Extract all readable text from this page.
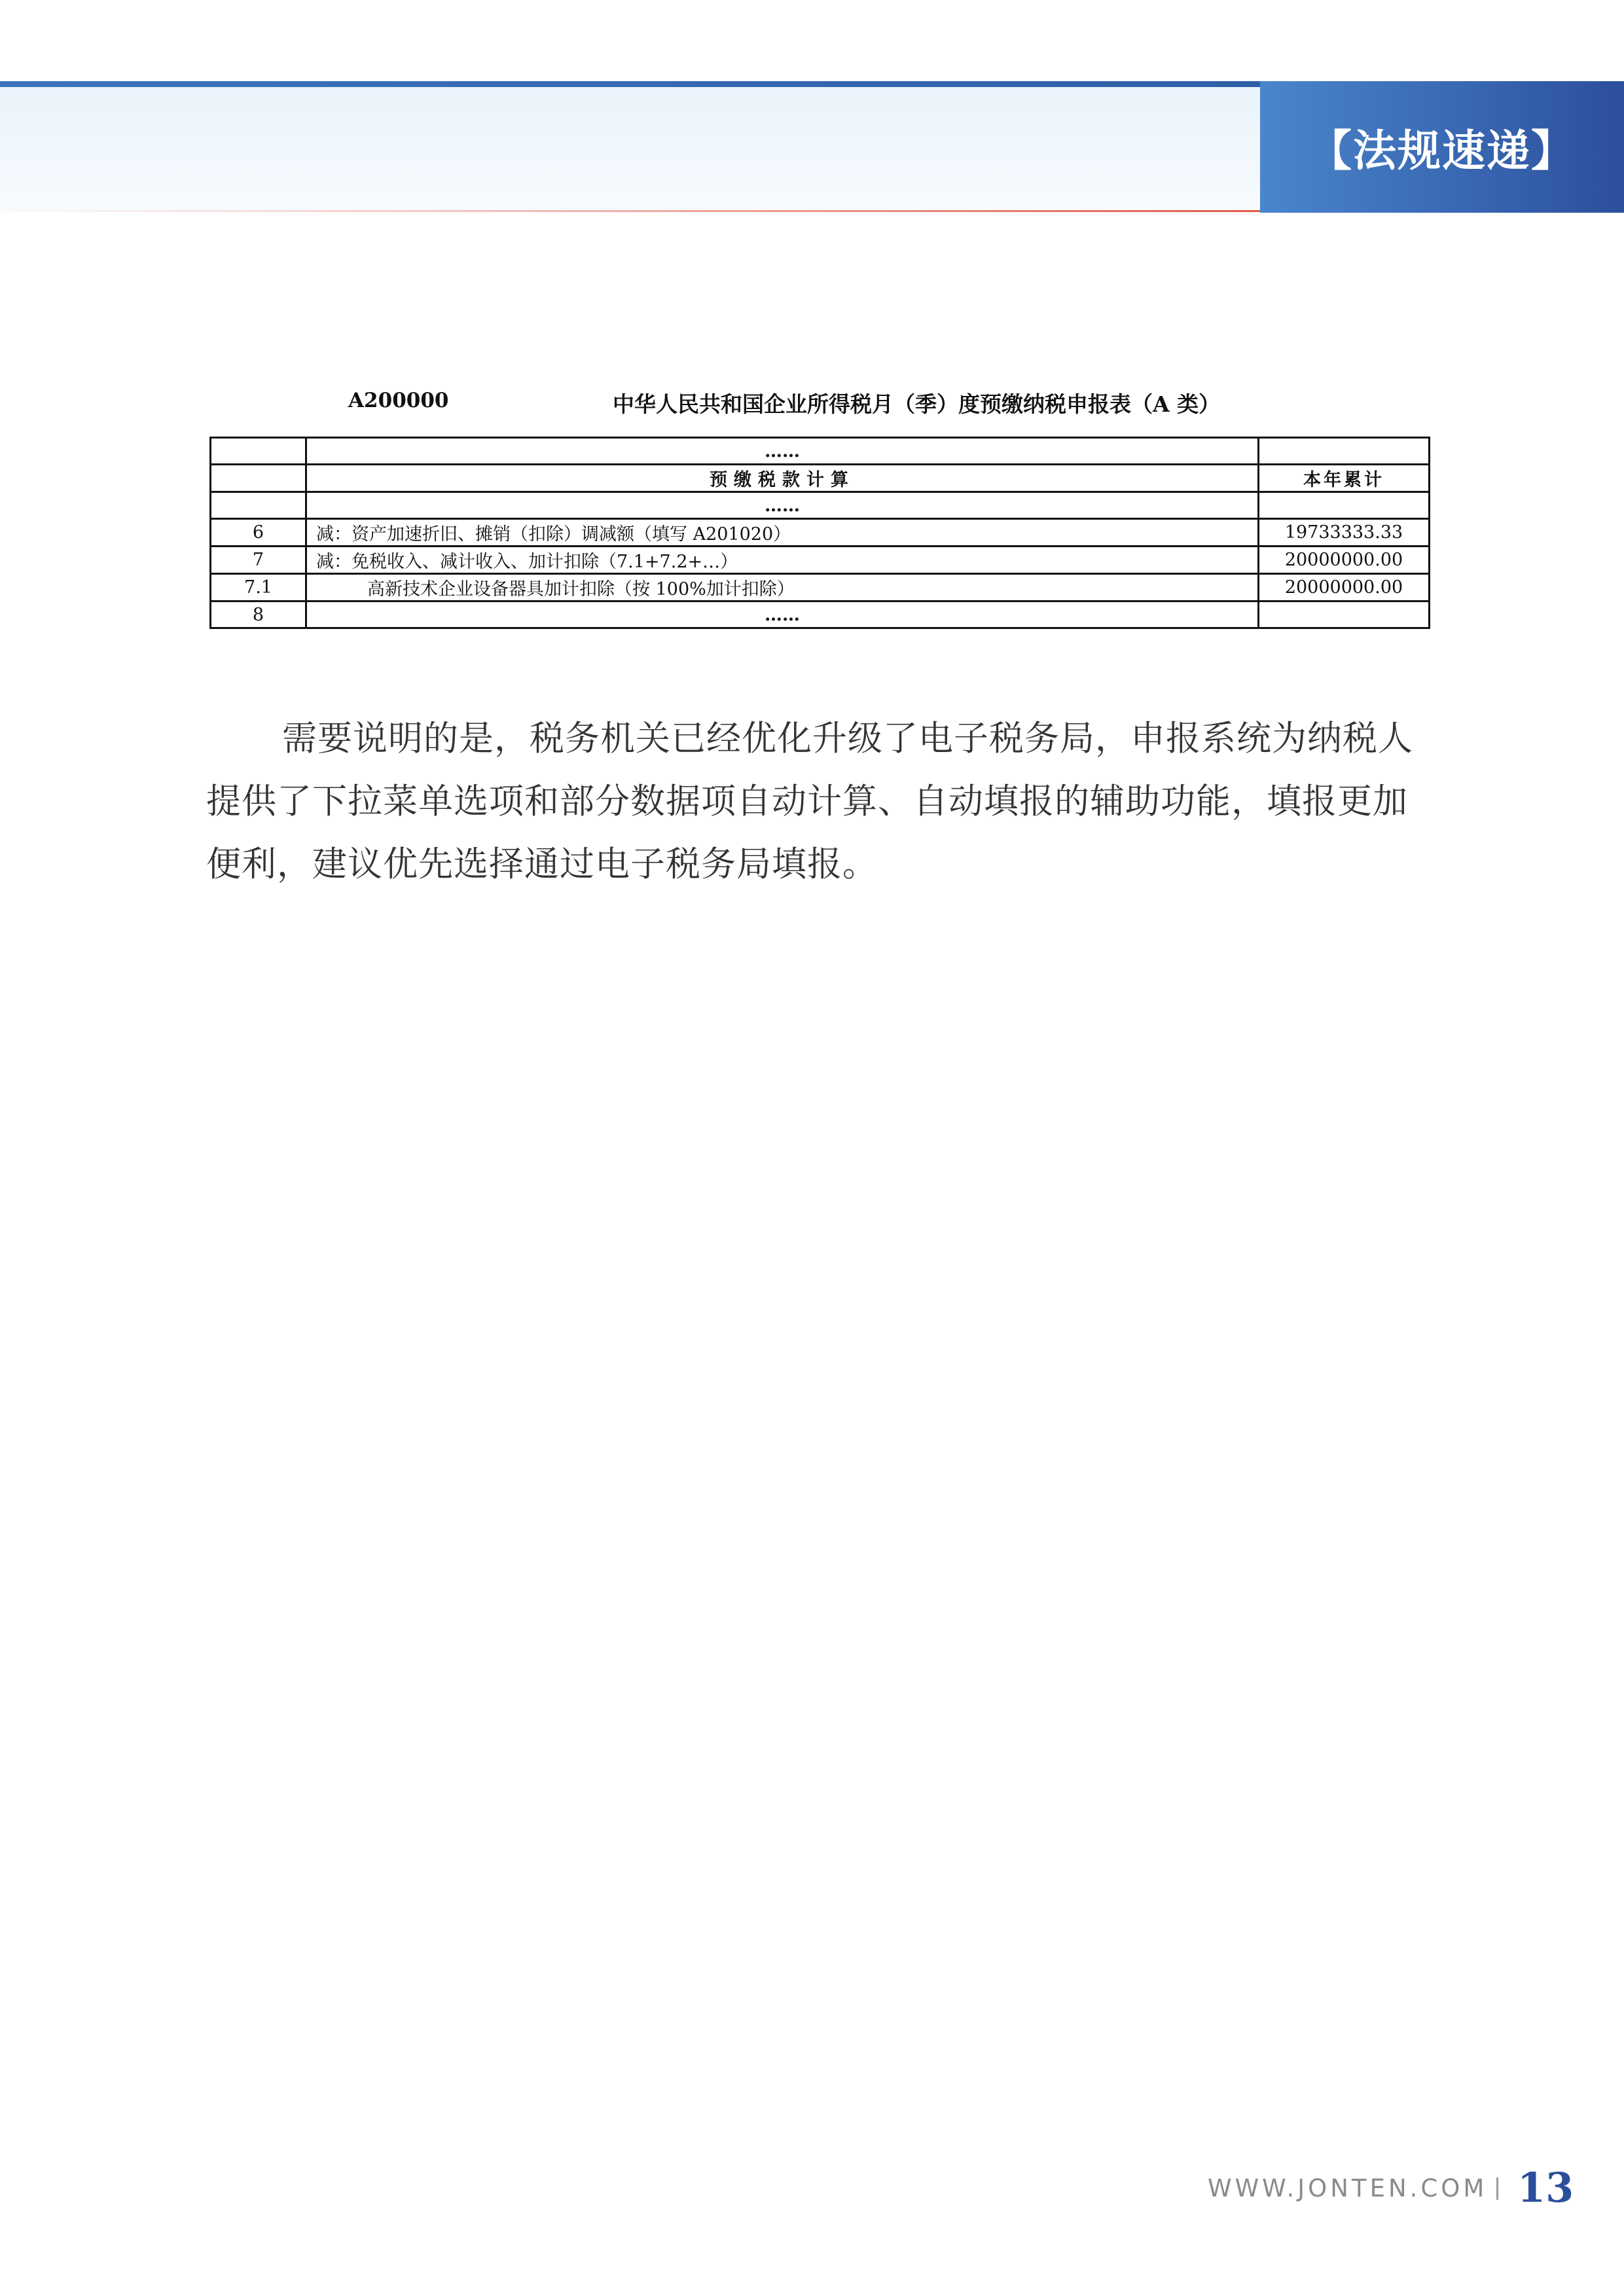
【法规速递】
A200000	中华人民共和国企业所得税月（季）度预缴纳税申报表（A 类）
	……	
	预缴税款计算	本年累计
	……	
6	减：资产加速折旧、摊销（扣除）调减额（填写 A201020）	19733333.33
7	减：免税收入、减计收入、加计扣除（7.1+7.2+…）	20000000.00
7.1	高新技术企业设备器具加计扣除（按 100%加计扣除）	20000000.00
8	……	

需要说明的是，税务机关已经优化升级了电子税务局，申报系统为纳税人提供了下拉菜单选项和部分数据项自动计算、自动填报的辅助功能，填报更加便利，建议优先选择通过电子税务局填报。

WWW.JONTEN.COM 13
